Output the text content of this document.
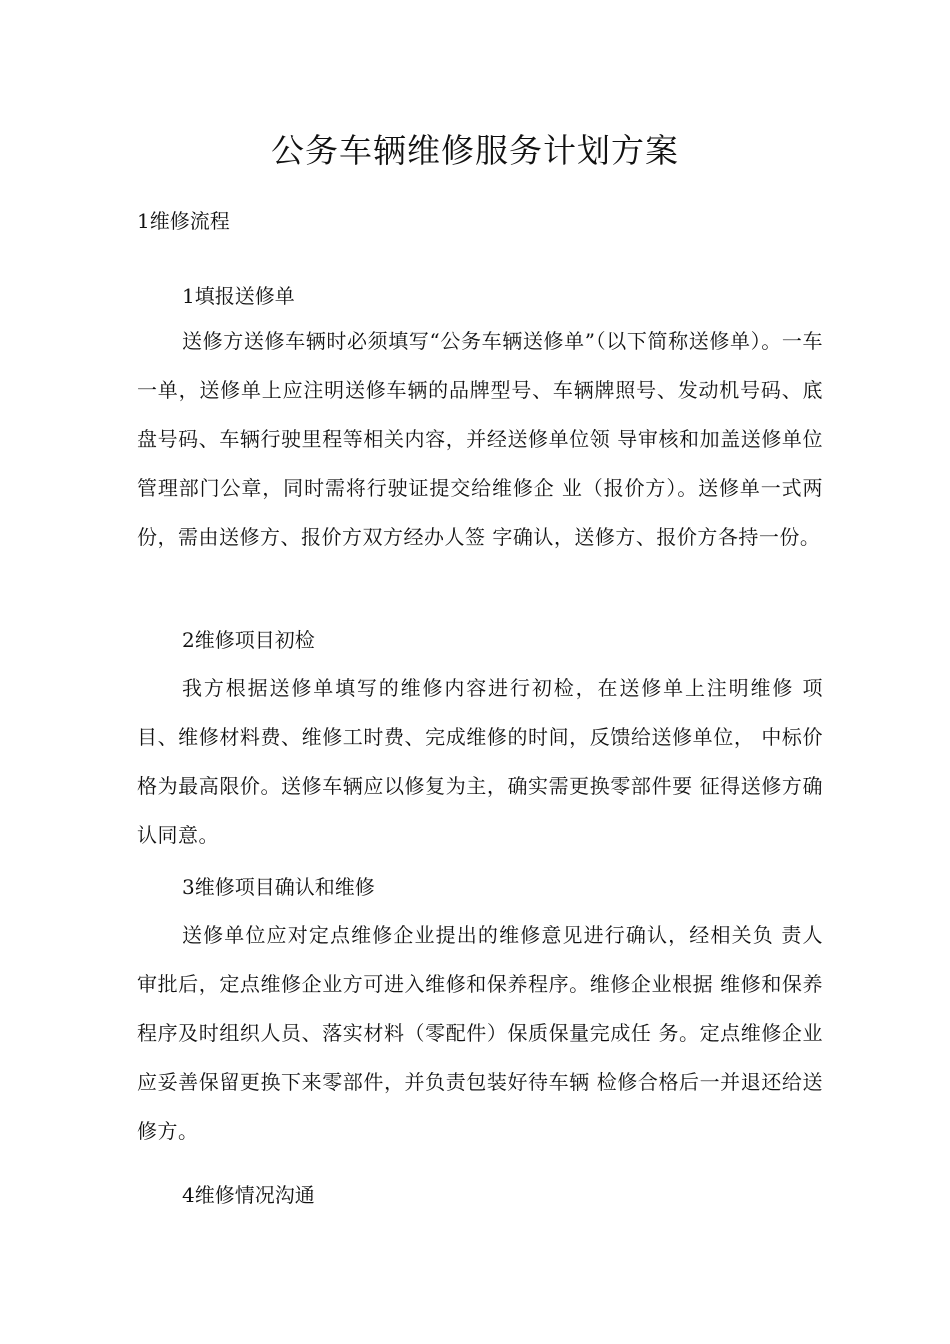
公务车辆维修服务计划方案
1维修流程
1填报送修单

送修方送修车辆时必须填写“公务车辆送修单”（以下简称送修单）。一车一单，送修单上应注明送修车辆的品牌型号、车辆牌照号、发动机号码、底盘号码、车辆行驶里程等相关内容，并经送修单位领 导审核和加盖送修单位管理部门公章，同时需将行驶证提交给维修企 业（报价方）。送修单一式两份，需由送修方、报价方双方经办人签 字确认，送修方、报价方各持一份。

2维修项目初检

我方根据送修单填写的维修内容进行初检，在送修单上注明维修 项目、维修材料费、维修工时费、完成维修的时间，反馈给送修单位， 中标价格为最高限价。送修车辆应以修复为主，确实需更换零部件要 征得送修方确认同意。

3维修项目确认和维修

送修单位应对定点维修企业提出的维修意见进行确认，经相关负 责人审批后，定点维修企业方可进入维修和保养程序。维修企业根据 维修和保养程序及时组织人员、落实材料（零配件）保质保量完成任 务。定点维修企业应妥善保留更换下来零部件，并负责包装好待车辆 检修合格后一并退还给送修方。

4维修情况沟通
